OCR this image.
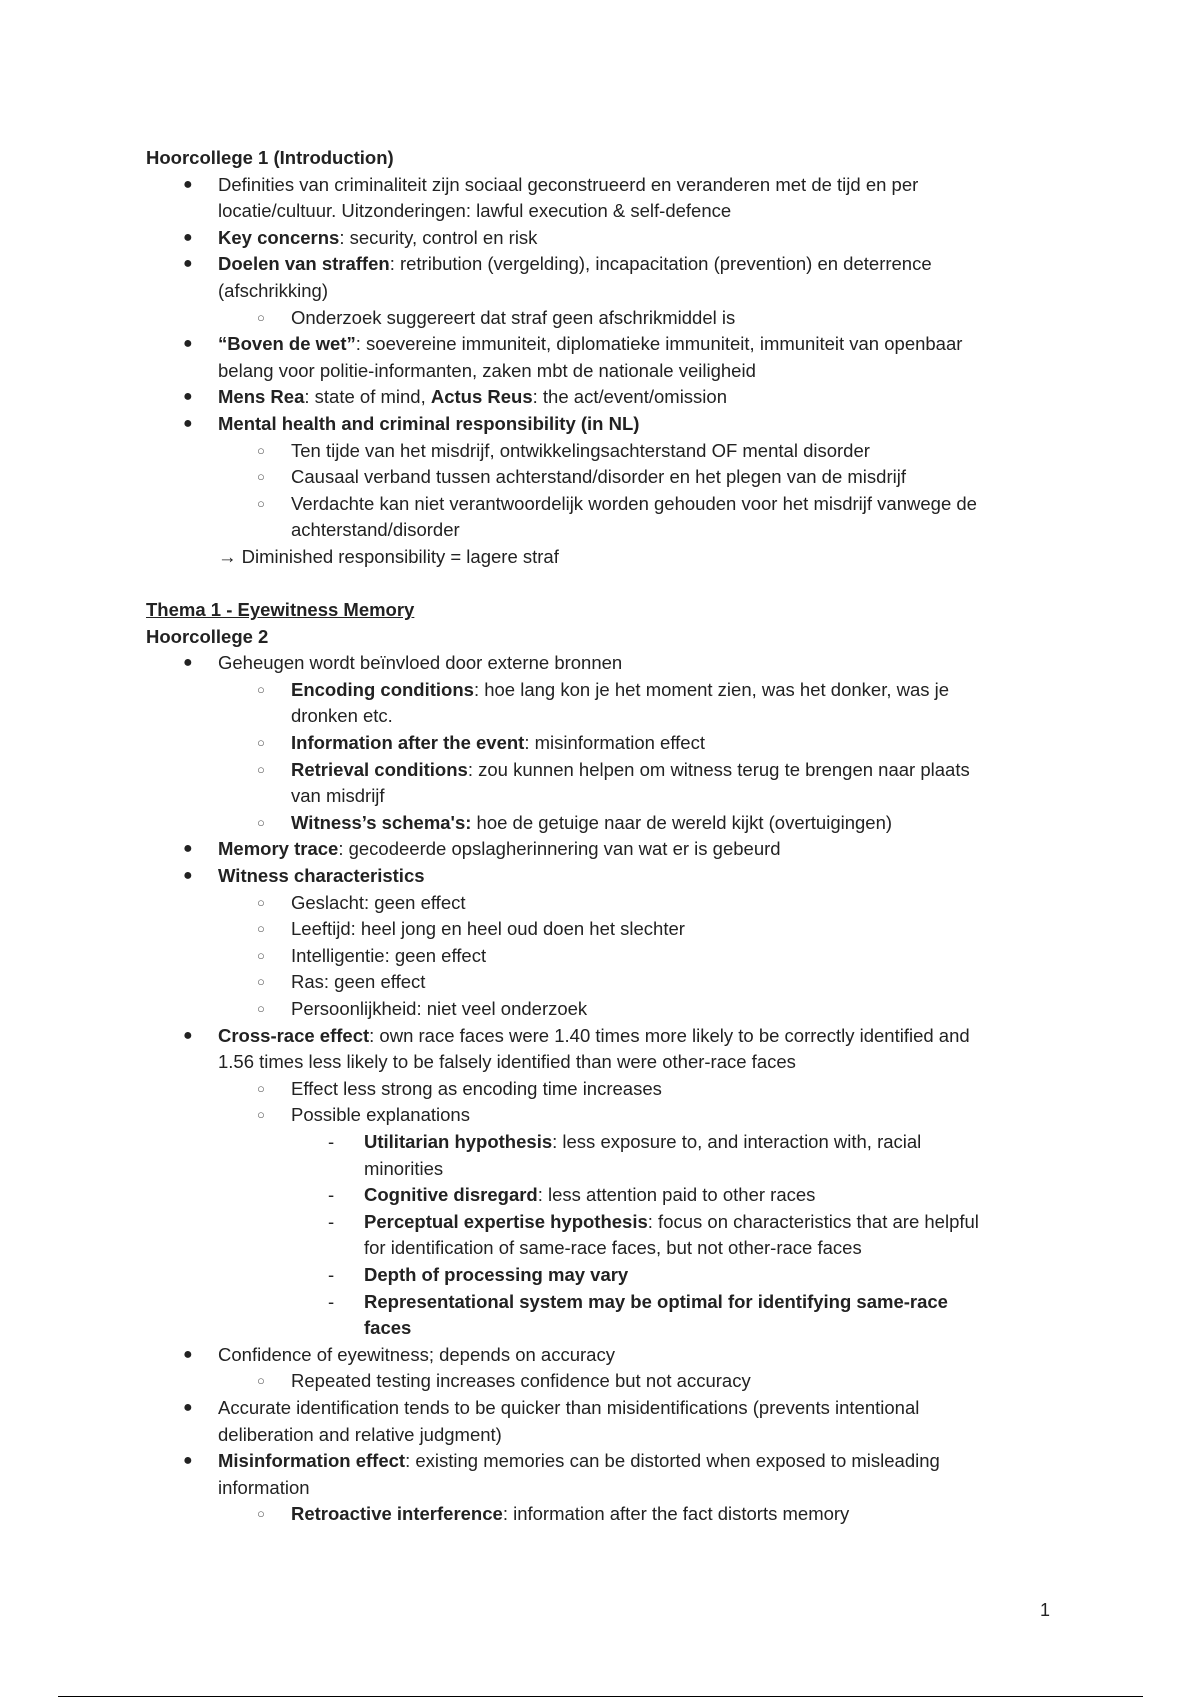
Hoorcollege 1 (Introduction)
● Definities van criminaliteit zijn sociaal geconstrueerd en veranderen met de tijd en per
locatie/cultuur. Uitzonderingen: lawful execution & self-defence
● Key concerns: security, control en risk
● Doelen van straffen: retribution (vergelding), incapacitation (prevention) en deterrence
(afschrikking)
○ Onderzoek suggereert dat straf geen afschrikmiddel is
● “Boven de wet”: soevereine immuniteit, diplomatieke immuniteit, immuniteit van openbaar
belang voor politie-informanten, zaken mbt de nationale veiligheid
● Mens Rea: state of mind, Actus Reus: the act/event/omission
● Mental health and criminal responsibility (in NL)
○ Ten tijde van het misdrijf, ontwikkelingsachterstand OF mental disorder
○ Causaal verband tussen achterstand/disorder en het plegen van de misdrijf
○ Verdachte kan niet verantwoordelijk worden gehouden voor het misdrijf vanwege de
achterstand/disorder
→ Diminished responsibility = lagere straf
Thema 1 - Eyewitness Memory
Hoorcollege 2
● Geheugen wordt beïnvloed door externe bronnen
○ Encoding conditions: hoe lang kon je het moment zien, was het donker, was je
dronken etc.
○ Information after the event: misinformation effect
○ Retrieval conditions: zou kunnen helpen om witness terug te brengen naar plaats
van misdrijf
○ Witness’s schema's: hoe de getuige naar de wereld kijkt (overtuigingen)
● Memory trace: gecodeerde opslagherinnering van wat er is gebeurd
● Witness characteristics
○ Geslacht: geen effect
○ Leeftijd: heel jong en heel oud doen het slechter
○ Intelligentie: geen effect
○ Ras: geen effect
○ Persoonlijkheid: niet veel onderzoek
● Cross-race effect: own race faces were 1.40 times more likely to be correctly identified and
1.56 times less likely to be falsely identified than were other-race faces
○ Effect less strong as encoding time increases
○ Possible explanations
- Utilitarian hypothesis: less exposure to, and interaction with, racial
minorities
- Cognitive disregard: less attention paid to other races
- Perceptual expertise hypothesis: focus on characteristics that are helpful
for identification of same-race faces, but not other-race faces
- Depth of processing may vary
- Representational system may be optimal for identifying same-race
faces
● Confidence of eyewitness; depends on accuracy
○ Repeated testing increases confidence but not accuracy
● Accurate identification tends to be quicker than misidentifications (prevents intentional
deliberation and relative judgment)
● Misinformation effect: existing memories can be distorted when exposed to misleading
information
○ Retroactive interference: information after the fact distorts memory
1
